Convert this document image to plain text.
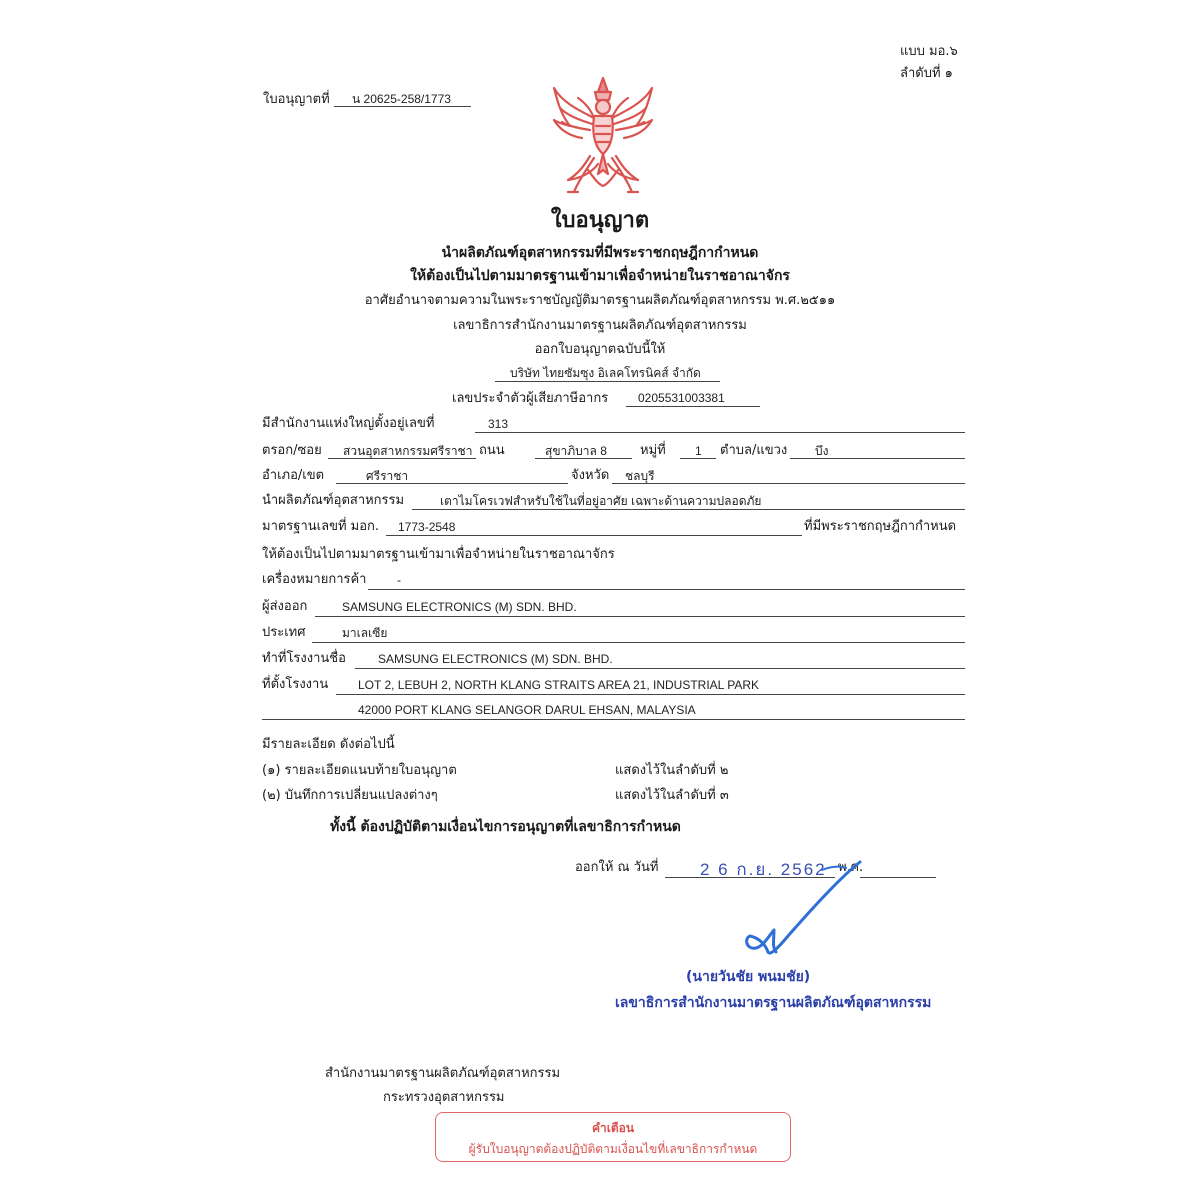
แบบ มอ.๖
ลำดับที่ ๑
ใบอนุญาตที่ น 20625-258/1773
ใบอนุญาต
นำผลิตภัณฑ์อุตสาหกรรมที่มีพระราชกฤษฎีกากำหนด
ให้ต้องเป็นไปตามมาตรฐานเข้ามาเพื่อจำหน่ายในราชอาณาจักร
อาศัยอำนาจตามความในพระราชบัญญัติมาตรฐานผลิตภัณฑ์อุตสาหกรรม พ.ศ.๒๕๑๑
เลขาธิการสำนักงานมาตรฐานผลิตภัณฑ์อุตสาหกรรม
ออกใบอนุญาตฉบับนี้ให้
บริษัท ไทยซัมซุง อิเลคโทรนิคส์ จำกัด
เลขประจำตัวผู้เสียภาษีอากร 0205531003381
มีสำนักงานแห่งใหญ่ตั้งอยู่เลขที่	313
ตรอก/ซอย สวนอุตสาหกรรมศรีราชา ถนน	สุขาภิบาล 8	หมู่ที่ 1 ตำบล/แขวง บึง
อำเภอ/เขต	ศรีราชา	จังหวัด ชลบุรี
นำผลิตภัณฑ์อุตสาหกรรม	เตาไมโครเวฟสำหรับใช้ในที่อยู่อาศัย เฉพาะด้านความปลอดภัย
มาตรฐานเลขที่ มอก. 1773-2548	ที่มีพระราชกฤษฎีกากำหนด
ให้ต้องเป็นไปตามมาตรฐานเข้ามาเพื่อจำหน่ายในราชอาณาจักร
เครื่องหมายการค้า	-
ผู้ส่งออก	SAMSUNG ELECTRONICS (M) SDN. BHD.
ประเทศ	มาเลเซีย
ทำที่โรงงานชื่อ	SAMSUNG ELECTRONICS (M) SDN. BHD.
ที่ตั้งโรงงาน LOT 2, LEBUH 2, NORTH KLANG STRAITS AREA 21, INDUSTRIAL PARK
42000 PORT KLANG SELANGOR DARUL EHSAN, MALAYSIA
มีรายละเอียด ดังต่อไปนี้
(๑) รายละเอียดแนบท้ายใบอนุญาต	แสดงไว้ในลำดับที่ ๒
(๒) บันทึกการเปลี่ยนแปลงต่างๆ	แสดงไว้ในลำดับที่ ๓
ทั้งนี้ ต้องปฏิบัติตามเงื่อนไขการอนุญาตที่เลขาธิการกำหนด
ออกให้ ณ วันที่ 2 6 ก.ย. 2562 พ.ศ.
(นายวันชัย พนมชัย)
เลขาธิการสำนักงานมาตรฐานผลิตภัณฑ์อุตสาหกรรม
สำนักงานมาตรฐานผลิตภัณฑ์อุตสาหกรรม
กระทรวงอุตสาหกรรม
คำเตือน
ผู้รับใบอนุญาตต้องปฏิบัติตามเงื่อนไขที่เลขาธิการกำหนด
